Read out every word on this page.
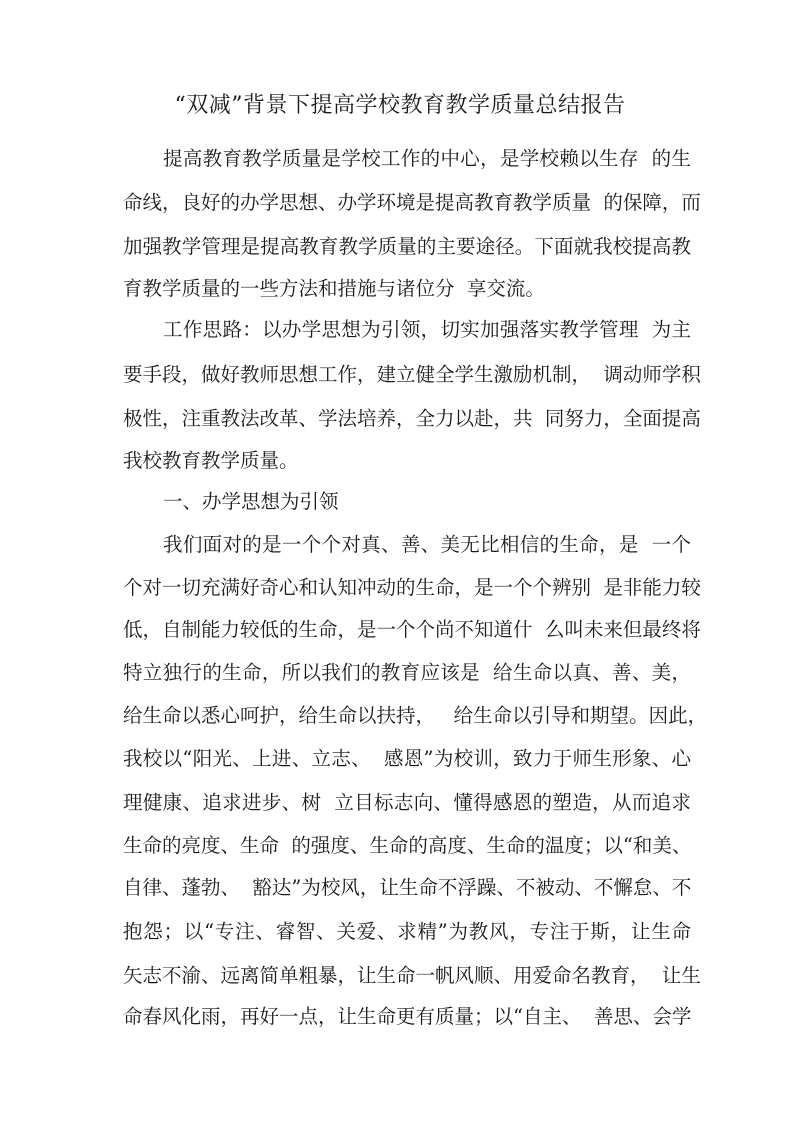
“双减”背景下提高学校教育教学质量总结报告
提高教育教学质量是学校工作的中心，是学校赖以生存  的生
命线，良好的办学思想、办学环境是提高教育教学质量  的保障，而
加强教学管理是提高教育教学质量的主要途径。下面就我校提高教
育教学质量的一些方法和措施与诸位分  享交流。
工作思路：以办学思想为引领，切实加强落实教学管理  为主
要手段，做好教师思想工作，建立健全学生激励机制，  调动师学积
极性，注重教法改革、学法培养，全力以赴，共  同努力，全面提高
我校教育教学质量。
一、办学思想为引领
我们面对的是一个个对真、善、美无比相信的生命，是  一个
个对一切充满好奇心和认知冲动的生命，是一个个辨别  是非能力较
低，自制能力较低的生命，是一个个尚不知道什  么叫未来但最终将
特立独行的生命，所以我们的教育应该是  给生命以真、善、美，
给生命以悉心呵护，给生命以扶持，   给生命以引导和期望。因此，
我校以“阳光、上进、立志、  感恩”为校训，致力于师生形象、心
理健康、追求进步、树  立目标志向、懂得感恩的塑造，从而追求
生命的亮度、生命  的强度、生命的高度、生命的温度；以“和美、
自律、蓬勃、  豁达”为校风，让生命不浮躁、不被动、不懈怠、不
抱怨；以“专注、睿智、关爱、求精”为教风，专注于斯，让生命
矢志不渝、远离简单粗暴，让生命一帆风顺、用爱命名教育，  让生
命春风化雨，再好一点，让生命更有质量；以“自主、  善思、会学
